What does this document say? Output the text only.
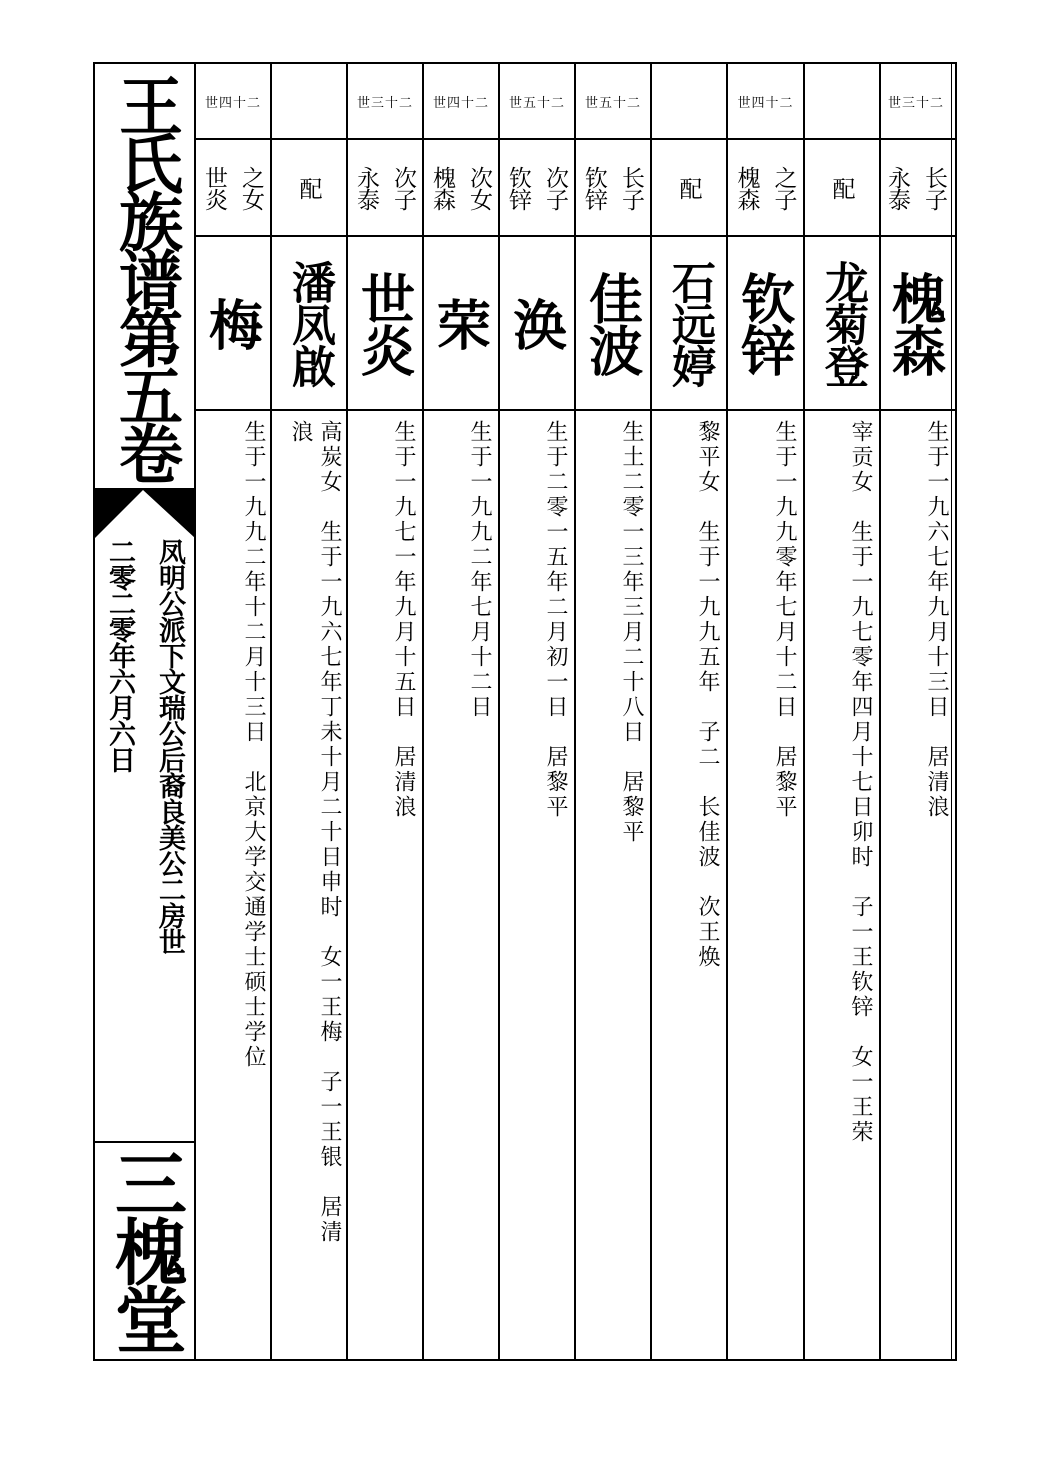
王氏族谱第五卷
凤明公派下文瑞公后裔良美公二房世
二零二零年六月六日
三槐堂
世三十二
永泰 长子
槐森
生于一九六七年九月十三日　居清浪
配
龙菊登
宰贡女　生于一九七零年四月十七日卯时　子一王钦锌　女一王荣
世四十二
槐森 之子
钦锌
生于一九九零年七月十二日　居黎平
配
石远婷
黎平女　生于一九九五年　子二　长佳波　次王焕
世五十二
钦锌 长子
佳波
生土二零一三年三月二十八日　居黎平
世五十二
钦锌 次子
涣
生于二零一五年二月初一日　居黎平
世四十二
槐森 次女
荣
生于一九九二年七月十二日
世三十二
永泰 次子
世炎
生于一九七一年九月十五日　居清浪
配
潘凤啟
高炭女　生于一九六七年丁未十月二十日申时　女一王梅　子一王银　居清
浪
世四十二
世炎 之女
梅
生于一九九二年十二月十三日　北京大学交通学士硕士学位
